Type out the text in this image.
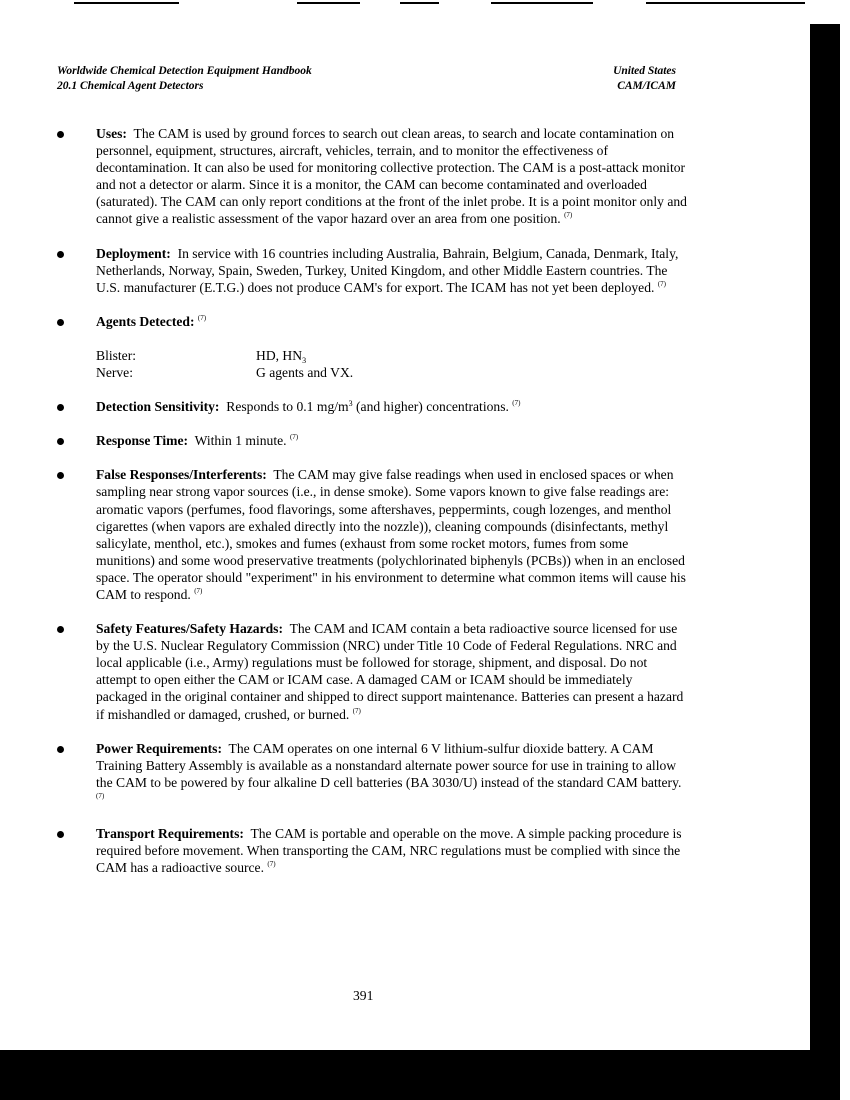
Worldwide Chemical Detection Equipment Handbook
20.1 Chemical Agent Detectors
United States
CAM/ICAM
Uses: The CAM is used by ground forces to search out clean areas, to search and locate contamination on personnel, equipment, structures, aircraft, vehicles, terrain, and to monitor the effectiveness of decontamination. It can also be used for monitoring collective protection. The CAM is a post-attack monitor and not a detector or alarm. Since it is a monitor, the CAM can become contaminated and overloaded (saturated). The CAM can only report conditions at the front of the inlet probe. It is a point monitor only and cannot give a realistic assessment of the vapor hazard over an area from one position. $^{(7)}$
Deployment: In service with 16 countries including Australia, Bahrain, Belgium, Canada, Denmark, Italy, Netherlands, Norway, Spain, Sweden, Turkey, United Kingdom, and other Middle Eastern countries. The U.S. manufacturer (E.T.G.) does not produce CAM's for export. The ICAM has not yet been deployed. $^{(7)}$
Agents Detected: $^{(7)}$
Blister:	HD, $HN_3$
Nerve:	G agents and VX.
Detection Sensitivity: Responds to 0.1 $mg/m^3$ (and higher) concentrations. $^{(7)}$
Response Time: Within 1 minute. $^{(7)}$
False Responses/Interferents: The CAM may give false readings when used in enclosed spaces or when sampling near strong vapor sources (i.e., in dense smoke). Some vapors known to give false readings are: aromatic vapors (perfumes, food flavorings, some aftershaves, peppermints, cough lozenges, and menthol cigarettes (when vapors are exhaled directly into the nozzle)), cleaning compounds (disinfectants, methyl salicylate, menthol, etc.), smokes and fumes (exhaust from some rocket motors, fumes from some munitions) and some wood preservative treatments (polychlorinated biphenyls (PCBs)) when in an enclosed space. The operator should "experiment" in his environment to determine what common items will cause his CAM to respond. $^{(7)}$
Safety Features/Safety Hazards: The CAM and ICAM contain a beta radioactive source licensed for use by the U.S. Nuclear Regulatory Commission (NRC) under Title 10 Code of Federal Regulations. NRC and local applicable (i.e., Army) regulations must be followed for storage, shipment, and disposal. Do not attempt to open either the CAM or ICAM case. A damaged CAM or ICAM should be immediately packaged in the original container and shipped to direct support maintenance. Batteries can present a hazard if mishandled or damaged, crushed, or burned. $^{(7)}$
Power Requirements: The CAM operates on one internal 6 V lithium-sulfur dioxide battery. A CAM Training Battery Assembly is available as a nonstandard alternate power source for use in training to allow the CAM to be powered by four alkaline D cell batteries (BA 3030/U) instead of the standard CAM battery. $^{(7)}$
Transport Requirements: The CAM is portable and operable on the move. A simple packing procedure is required before movement. When transporting the CAM, NRC regulations must be complied with since the CAM has a radioactive source. $^{(7)}$
391
